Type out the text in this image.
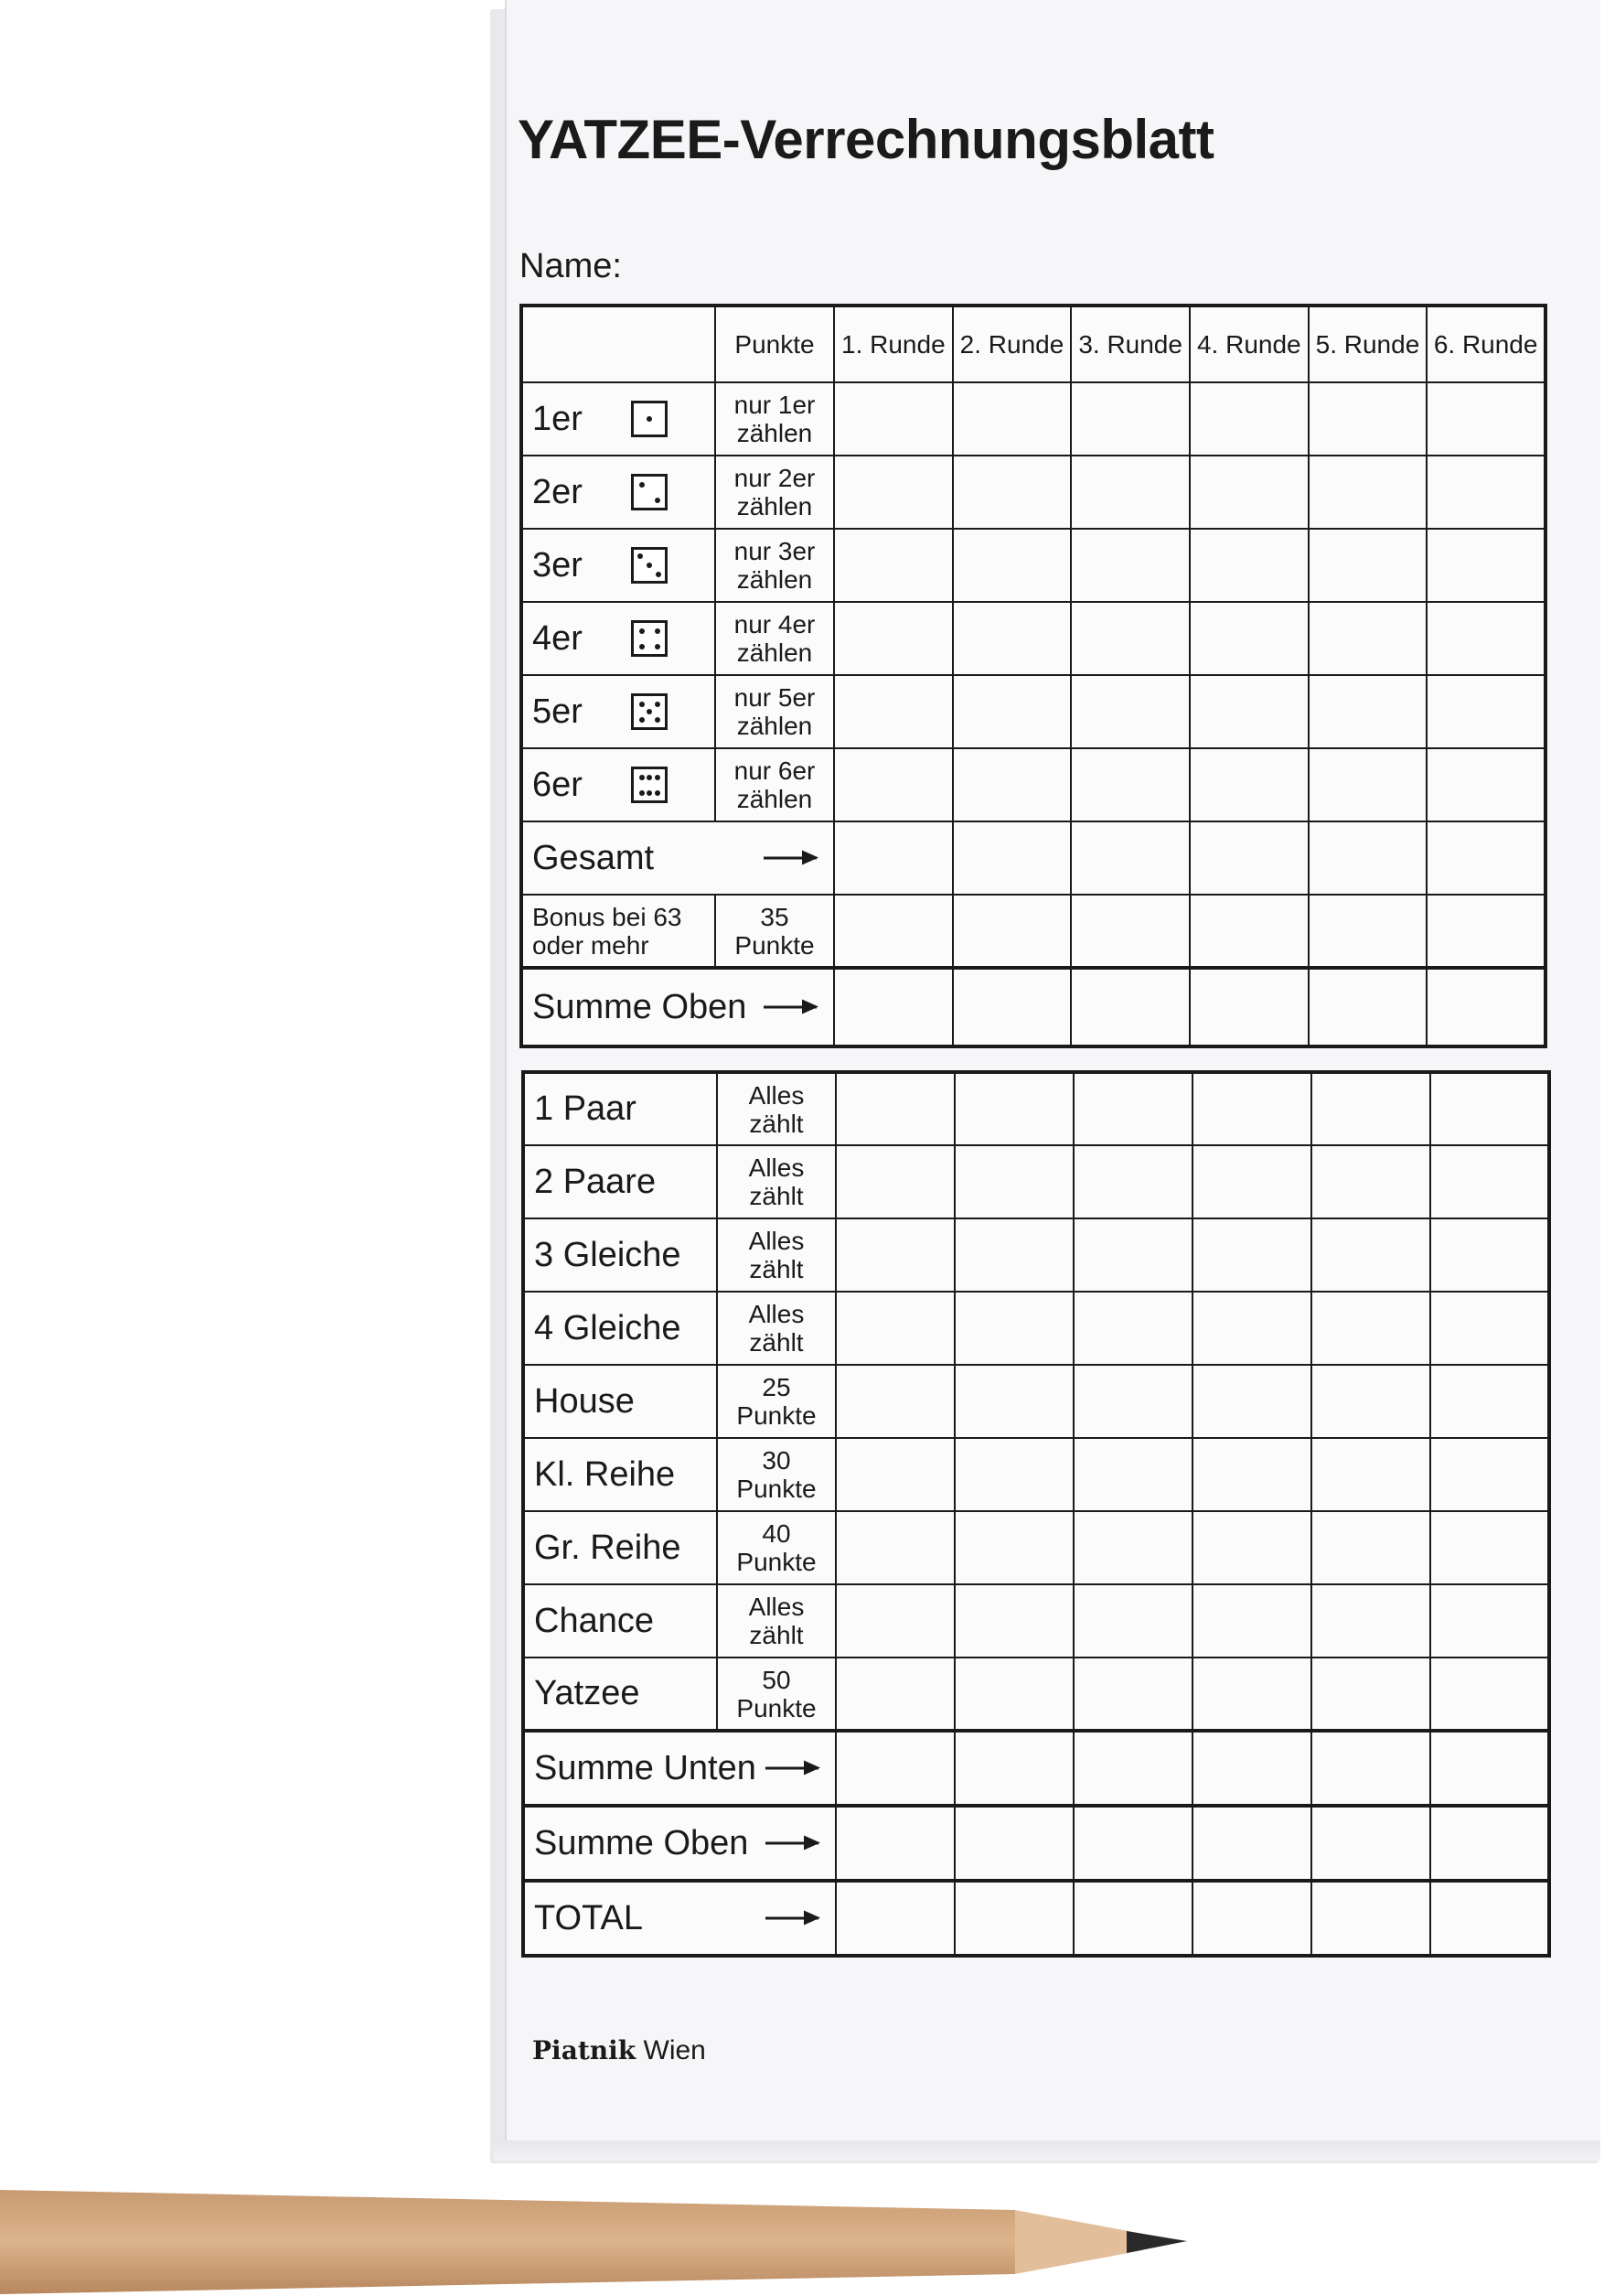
YATZEE-Verrechnungsblatt
Name:
	Punkte	1. Runde	2. Runde	3. Runde	4. Runde	5. Runde	6. Runde
1er	nur 1er
zählen						
2er	nur 2er
zählen						
3er	nur 3er
zählen						
4er	nur 4er
zählen						
5er	nur 5er
zählen						
6er	nur 6er
zählen						
Gesamt	

Bonus bei 63
oder mehr	35
Punkte						
Summe Oben	

1 Paar	Alles
zählt						
2 Paare	Alles
zählt						
3 Gleiche	Alles
zählt						
4 Gleiche	Alles
zählt						
House	25
Punkte						
Kl. Reihe	30
Punkte						
Gr. Reihe	40
Punkte						
Chance	Alles
zählt						
Yatzee	50
Punkte						
Summe Unten	

Summe Oben	

TOTAL	

Piatnik Wien
